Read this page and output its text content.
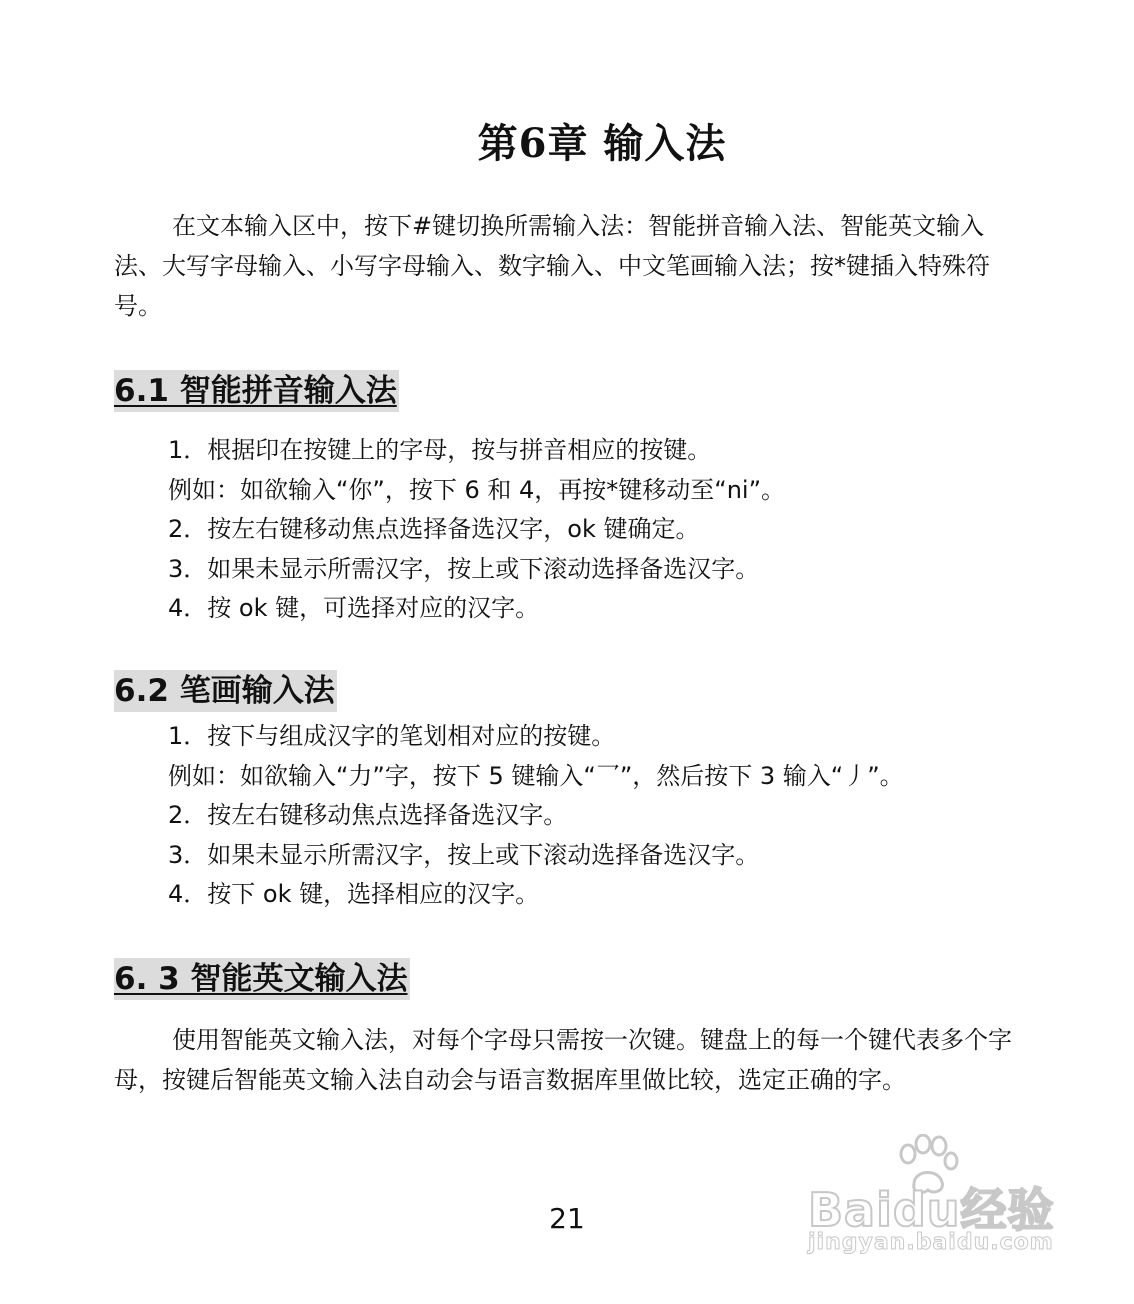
第6章 输入法

在文本输入区中，按下#键切换所需输入法：智能拼音输入法、智能英文输入法、大写字母输入、小写字母输入、数字输入、中文笔画输入法；按*键插入特殊符号。

6.1 智能拼音输入法
1．根据印在按键上的字母，按与拼音相应的按键。
例如：如欲输入“你”，按下 6 和 4，再按*键移动至“ni”。
2．按左右键移动焦点选择备选汉字，ok 键确定。
3．如果未显示所需汉字，按上或下滚动选择备选汉字。
4．按 ok 键，可选择对应的汉字。
6.2 笔画输入法
1．按下与组成汉字的笔划相对应的按键。
例如：如欲输入“力”字，按下 5 键输入“乛”，然后按下 3 输入“丿”。
2．按左右键移动焦点选择备选汉字。
3．如果未显示所需汉字，按上或下滚动选择备选汉字。
4．按下 ok 键，选择相应的汉字。
6. 3 智能英文输入法

使用智能英文输入法，对每个字母只需按一次键。键盘上的每一个键代表多个字母，按键后智能英文输入法自动会与语言数据库里做比较，选定正确的字。

21	Baidu经验
jingyan.baidu.com
